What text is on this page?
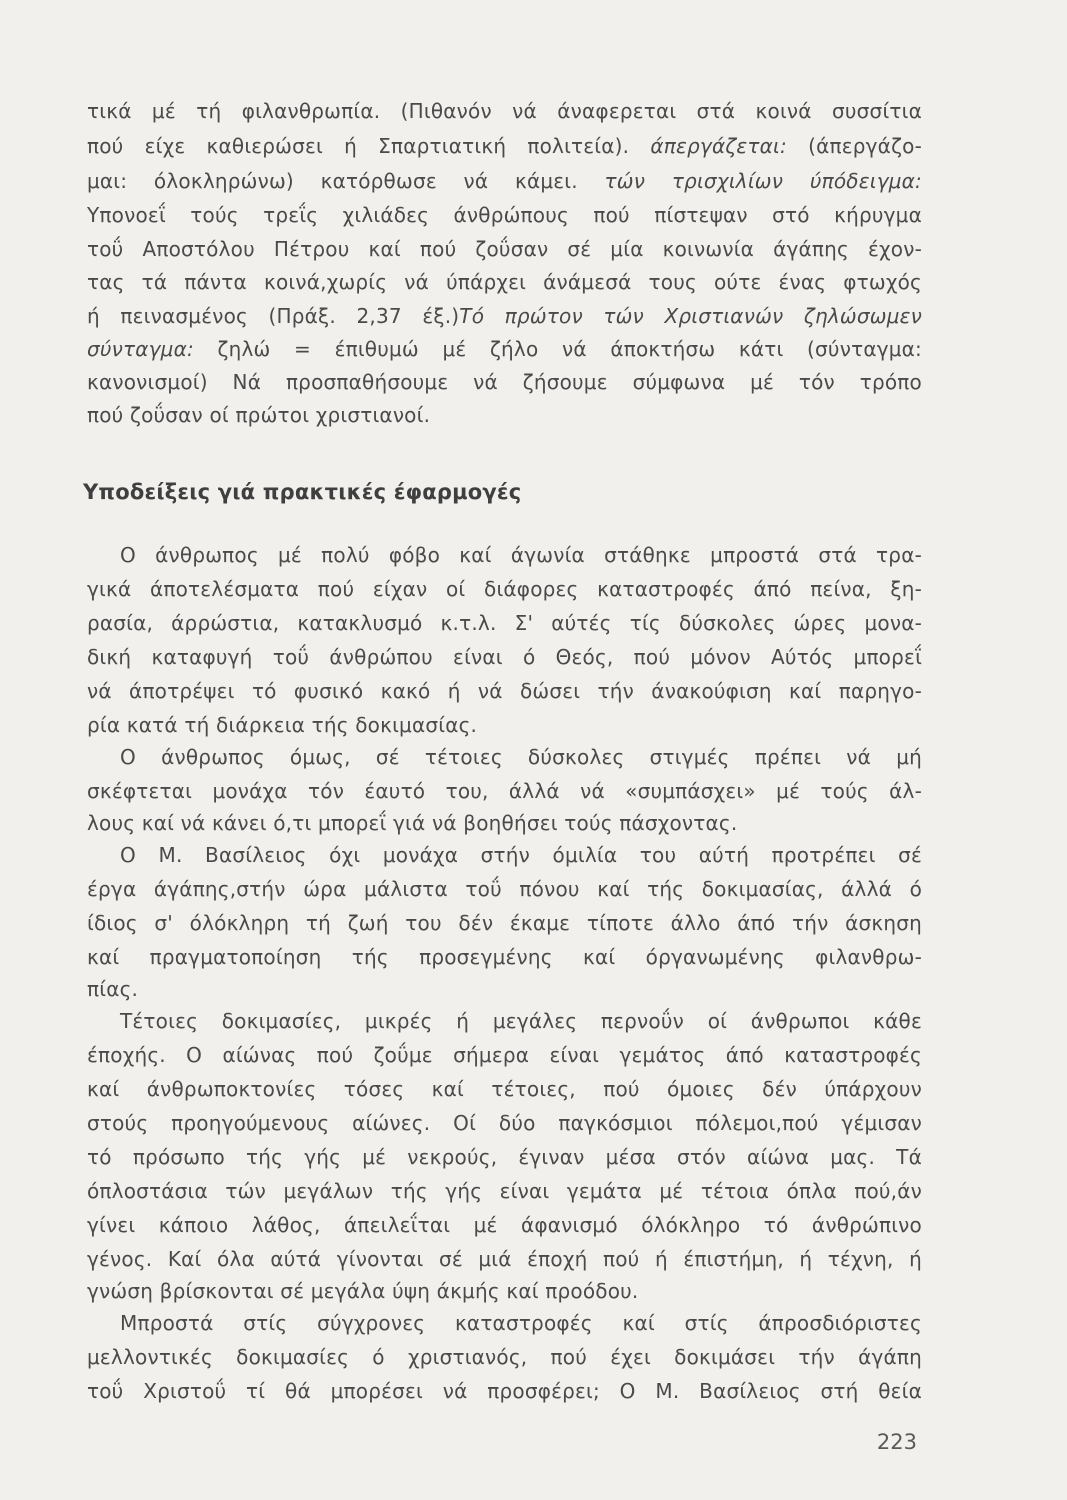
τικά μέ τή φιλανθρωπία. (Πιθανόν νά άναφερεται στά κοινά συσσίτια

πού είχε καθιερώσει ή Σπαρτιατική πολιτεία). άπεργάζεται: (άπεργάζο-

μαι: όλοκληρώνω) κατόρθωσε νά κάμει. τών τρισχιλίων ύπόδειγμα:

Υπονοεΐ τούς τρεΐς χιλιάδες άνθρώπους πού πίστεψαν στό κήρυγμα

τοΰ Αποστόλου Πέτρου καί πού ζοΰσαν σέ μία κοινωνία άγάπης έχον-

τας τά πάντα κοινά,χωρίς νά ύπάρχει άνάμεσά τους ούτε ένας φτωχός

ή πεινασμένος (Πράξ. 2,37 έξ.)Τό πρώτον τών Χριστιανών ζηλώσωμεν

σύνταγμα: ζηλώ = έπιθυμώ μέ ζήλο νά άποκτήσω κάτι (σύνταγμα:

κανονισμοί) Νά προσπαθήσουμε νά ζήσουμε σύμφωνα μέ τόν τρόπο

πού ζοΰσαν οί πρώτοι χριστιανοί.

Υποδείξεις γιά πρακτικές έφαρμογές

Ο άνθρωπος μέ πολύ φόβο καί άγωνία στάθηκε μπροστά στά τρα-

γικά άποτελέσματα πού είχαν οί διάφορες καταστροφές άπό πείνα, ξη-

ρασία, άρρώστια, κατακλυσμό κ.τ.λ. Σ' αύτές τίς δύσκολες ώρες μονα-

δική καταφυγή τοΰ άνθρώπου είναι ό Θεός, πού μόνον Αύτός μπορεΐ

νά άποτρέψει τό φυσικό κακό ή νά δώσει τήν άνακούφιση καί παρηγο-

ρία κατά τή διάρκεια τής δοκιμασίας.

Ο άνθρωπος όμως, σέ τέτοιες δύσκολες στιγμές πρέπει νά μή

σκέφτεται μονάχα τόν έαυτό του, άλλά νά «συμπάσχει» μέ τούς άλ-

λους καί νά κάνει ό,τι μπορεΐ γιά νά βοηθήσει τούς πάσχοντας.

Ο Μ. Βασίλειος όχι μονάχα στήν όμιλία του αύτή προτρέπει σέ

έργα άγάπης,στήν ώρα μάλιστα τοΰ πόνου καί τής δοκιμασίας, άλλά ό

ίδιος σ' όλόκληρη τή ζωή του δέν έκαμε τίποτε άλλο άπό τήν άσκηση

καί πραγματοποίηση τής προσεγμένης καί όργανωμένης φιλανθρω-

πίας.

Τέτοιες δοκιμασίες, μικρές ή μεγάλες περνοΰν οί άνθρωποι κάθε

έποχής. Ο αίώνας πού ζοΰμε σήμερα είναι γεμάτος άπό καταστροφές

καί άνθρωποκτονίες τόσες καί τέτοιες, πού όμοιες δέν ύπάρχουν

στούς προηγούμενους αίώνες. Οί δύο παγκόσμιοι πόλεμοι,πού γέμισαν

τό πρόσωπο τής γής μέ νεκρούς, έγιναν μέσα στόν αίώνα μας. Τά

όπλοστάσια τών μεγάλων τής γής είναι γεμάτα μέ τέτοια όπλα πού,άν

γίνει κάποιο λάθος, άπειλεΐται μέ άφανισμό όλόκληρο τό άνθρώπινο

γένος. Καί όλα αύτά γίνονται σέ μιά έποχή πού ή έπιστήμη, ή τέχνη, ή

γνώση βρίσκονται σέ μεγάλα ύψη άκμής καί προόδου.

Μπροστά στίς σύγχρονες καταστροφές καί στίς άπροσδιόριστες

μελλοντικές δοκιμασίες ό χριστιανός, πού έχει δοκιμάσει τήν άγάπη

τοΰ Χριστοΰ τί θά μπορέσει νά προσφέρει; Ο Μ. Βασίλειος στή θεία

223
